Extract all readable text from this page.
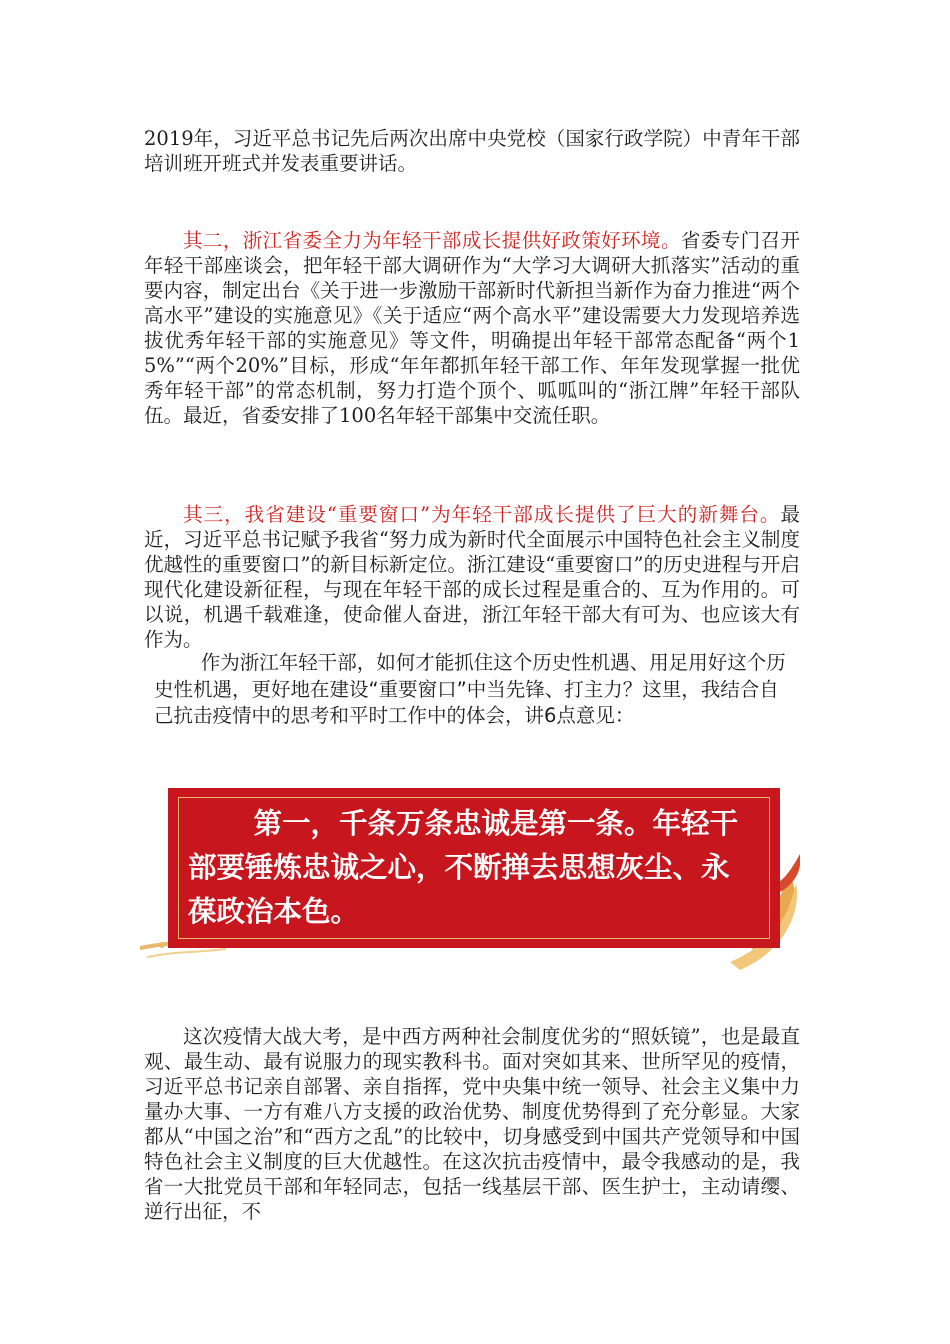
2019年，习近平总书记先后两次出席中央党校（国家行政学院）中青年干部培训班开班式并发表重要讲话。

其二，浙江省委全力为年轻干部成长提供好政策好环境。省委专门召开年轻干部座谈会，把年轻干部大调研作为“大学习大调研大抓落实”活动的重要内容，制定出台《关于进一步激励干部新时代新担当新作为奋力推进“两个高水平”建设的实施意见》《关于适应“两个高水平”建设需要大力发现培养选拔优秀年轻干部的实施意见》等文件，明确提出年轻干部常态配备“两个15%”“两个20%”目标，形成“年年都抓年轻干部工作、年年发现掌握一批优秀年轻干部”的常态机制，努力打造个顶个、呱呱叫的“浙江牌”年轻干部队伍。最近，省委安排了100名年轻干部集中交流任职。

其三，我省建设“重要窗口”为年轻干部成长提供了巨大的新舞台。最近，习近平总书记赋予我省“努力成为新时代全面展示中国特色社会主义制度优越性的重要窗口”的新目标新定位。浙江建设“重要窗口”的历史进程与开启现代化建设新征程，与现在年轻干部的成长过程是重合的、互为作用的。可以说，机遇千载难逢，使命催人奋进，浙江年轻干部大有可为、也应该大有作为。

作为浙江年轻干部，如何才能抓住这个历史性机遇、用足用好这个历史性机遇，更好地在建设“重要窗口”中当先锋、打主力？这里，我结合自己抗击疫情中的思考和平时工作中的体会，讲6点意见：

第一，千条万条忠诚是第一条。年轻干部要锤炼忠诚之心，不断掸去思想灰尘、永葆政治本色。

这次疫情大战大考，是中西方两种社会制度优劣的“照妖镜”，也是最直观、最生动、最有说服力的现实教科书。面对突如其来、世所罕见的疫情，习近平总书记亲自部署、亲自指挥，党中央集中统一领导、社会主义集中力量办大事、一方有难八方支援的政治优势、制度优势得到了充分彰显。大家都从“中国之治”和“西方之乱”的比较中，切身感受到中国共产党领导和中国特色社会主义制度的巨大优越性。在这次抗击疫情中，最令我感动的是，我省一大批党员干部和年轻同志，包括一线基层干部、医生护士，主动请缨、逆行出征，不
